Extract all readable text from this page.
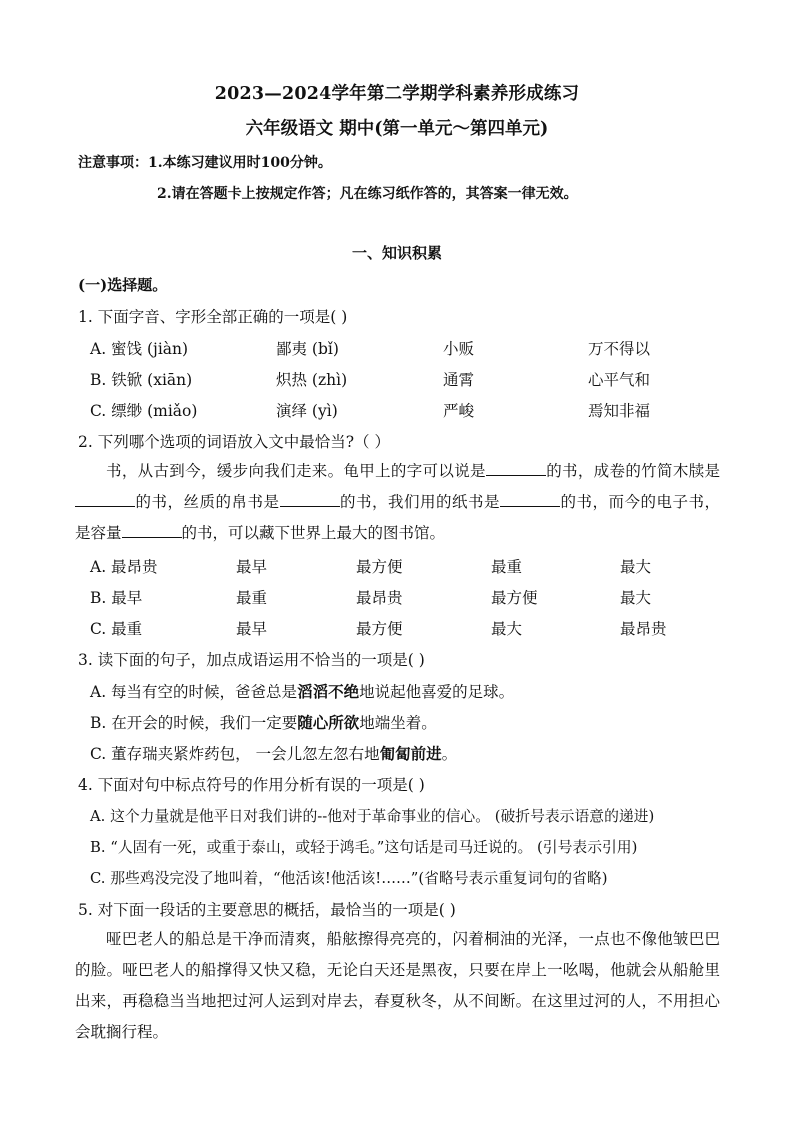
2023—2024学年第二学期学科素养形成练习
六年级语文 期中(第一单元～第四单元)
注意事项：1.本练习建议用时100分钟。
2.请在答题卡上按规定作答；凡在练习纸作答的，其答案一律无效。
一、知识积累
(一)选择题。
1. 下面字音、字形全部正确的一项是( )
A. 蜜饯 (jiàn)	鄙夷 (bǐ)	小贩	万不得以
B. 铁锨 (xiān)	炽热 (zhì)	通霄	心平气和
C. 缥缈 (miǎo)	演绎 (yì)	严峻	焉知非福
2. 下列哪个选项的词语放入文中最恰当?（ ）
书，从古到今，缓步向我们走来。龟甲上的字可以说是	的书，成卷的竹简木牍是的书，丝质的帛书是	的书，我们用的纸书是	的书，而今的电子书，是容量	的书，可以藏下世界上最大的图书馆。
A. 最昂贵	最早	最方便	最重	最大
B. 最早	最重	最昂贵	最方便	最大
C. 最重	最早	最方便	最大	最昂贵
3. 读下面的句子，加点成语运用不恰当的一项是( )
A. 每当有空的时候，爸爸总是滔滔不绝地说起他喜爱的足球。
B. 在开会的时候，我们一定要随心所欲地端坐着。
C. 董存瑞夹紧炸药包， 一会儿忽左忽右地匍匐前进。
4. 下面对句中标点符号的作用分析有误的一项是( )
A. 这个力量就是他平日对我们讲的--他对于革命事业的信心。 (破折号表示语意的递进)
B. “人固有一死，或重于泰山，或轻于鸿毛。”这句话是司马迁说的。 (引号表示引用)
C. 那些鸡没完没了地叫着，“他活该!他活该!……”(省略号表示重复词句的省略)
5. 对下面一段话的主要意思的概括，最恰当的一项是( )
哑巴老人的船总是干净而清爽，船舷擦得亮亮的，闪着桐油的光泽，一点也不像他皱巴巴的脸。哑巴老人的船撑得又快又稳，无论白天还是黑夜，只要在岸上一吆喝，他就会从船舱里出来，再稳稳当当地把过河人运到对岸去，春夏秋冬，从不间断。在这里过河的人，不用担心会耽搁行程。
